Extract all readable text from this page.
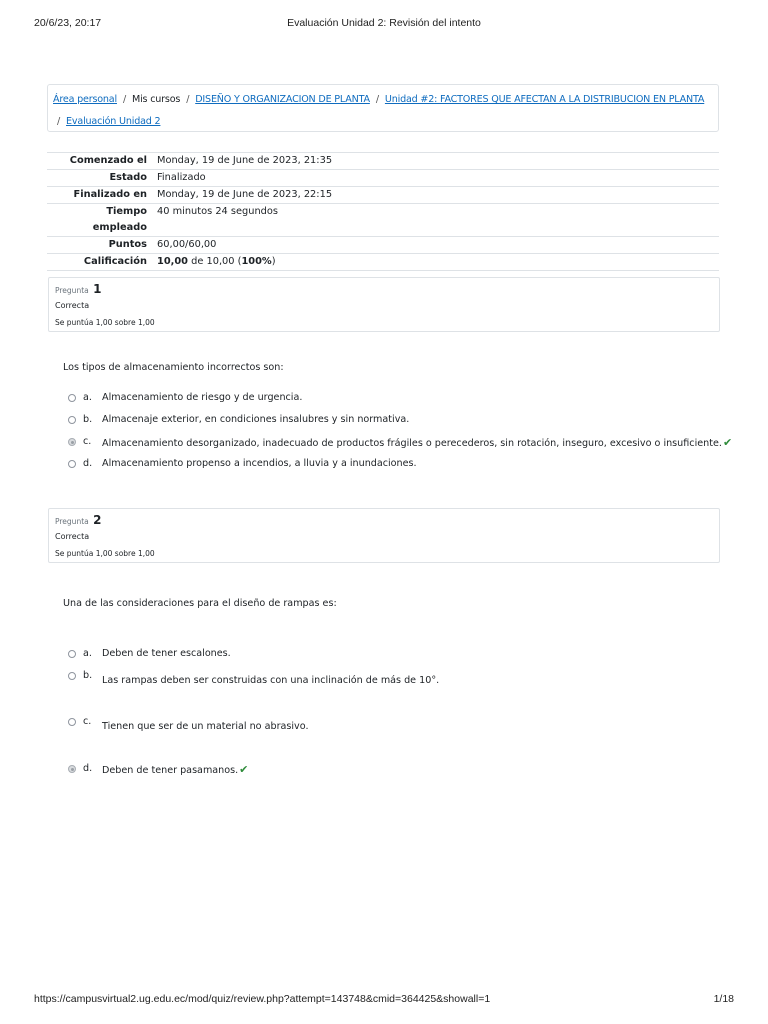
20/6/23, 20:17	Evaluación Unidad 2: Revisión del intento
Área personal / Mis cursos / DISEÑO Y ORGANIZACION DE PLANTA / Unidad #2: FACTORES QUE AFECTAN A LA DISTRIBUCION EN PLANTA
/ Evaluación Unidad 2
Comenzado el	Monday, 19 de June de 2023, 21:35
Estado	Finalizado
Finalizado en	Monday, 19 de June de 2023, 22:15
Tiempo
empleado	40 minutos 24 segundos
Puntos	60,00/60,00
Calificación	10,00 de 10,00 (100%)
Pregunta 1
Correcta
Se puntúa 1,00 sobre 1,00
Los tipos de almacenamiento incorrectos son:
a. Almacenamiento de riesgo y de urgencia.
b. Almacenaje exterior, en condiciones insalubres y sin normativa.
c. Almacenamiento desorganizado, inadecuado de productos frágiles o perecederos, sin rotación, inseguro, excesivo o insuficiente.✔
d. Almacenamiento propenso a incendios, a lluvia y a inundaciones.
Pregunta 2
Correcta
Se puntúa 1,00 sobre 1,00
Una de las consideraciones para el diseño de rampas es:
a. Deben de tener escalones.
b. Las rampas deben ser construidas con una inclinación de más de 10°.
c. Tienen que ser de un material no abrasivo.
d. Deben de tener pasamanos.✔
https://campusvirtual2.ug.edu.ec/mod/quiz/review.php?attempt=143748&cmid=364425&showall=1	1/18
